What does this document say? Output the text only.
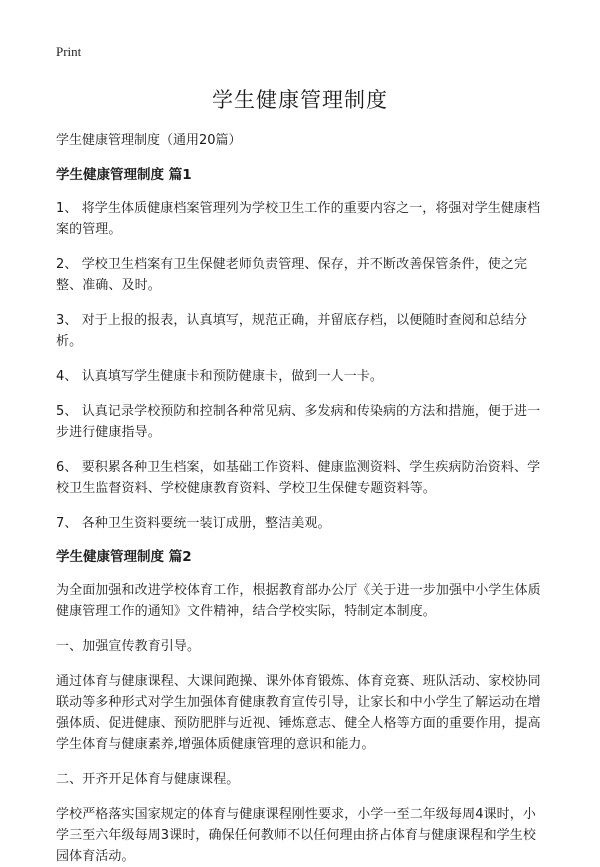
Print
学生健康管理制度

学生健康管理制度（通用20篇）

学生健康管理制度 篇1

1、 将学生体质健康档案管理列为学校卫生工作的重要内容之一，将强对学生健康档案的管理。

2、 学校卫生档案有卫生保健老师负责管理、保存，并不断改善保管条件，使之完整、准确、及时。

3、 对于上报的报表，认真填写，规范正确，并留底存档，以便随时查阅和总结分析。

4、 认真填写学生健康卡和预防健康卡，做到一人一卡。

5、 认真记录学校预防和控制各种常见病、多发病和传染病的方法和措施，便于进一步进行健康指导。

6、 要积累各种卫生档案，如基础工作资料、健康监测资料、学生疾病防治资料、学校卫生监督资料、学校健康教育资料、学校卫生保健专题资料等。

7、 各种卫生资料要统一装订成册，整洁美观。

学生健康管理制度 篇2

为全面加强和改进学校体育工作，根据教育部办公厅《关于进一步加强中小学生体质健康管理工作的通知》文件精神，结合学校实际，特制定本制度。

一、加强宣传教育引导。

通过体育与健康课程、大课间跑操、课外体育锻炼、体育竞赛、班队活动、家校协同联动等多种形式对学生加强体育健康教育宣传引导，让家长和中小学生了解运动在增强体质、促进健康、预防肥胖与近视、锤炼意志、健全人格等方面的重要作用，提高学生体育与健康素养,增强体质健康管理的意识和能力。

二、开齐开足体育与健康课程。

学校严格落实国家规定的体育与健康课程刚性要求，小学一至二年级每周4课时，小学三至六年级每周3课时，确保任何教师不以任何理由挤占体育与健康课程和学生校园体育活动。
